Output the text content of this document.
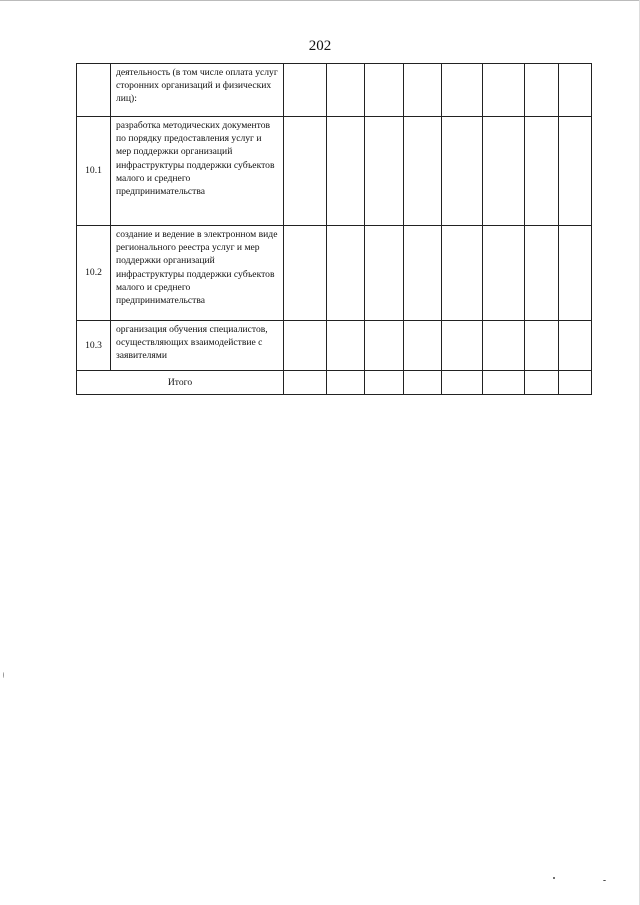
202
	деятельность (в том числе оплата услуг сторонних организаций и физических лиц):								
10.1	разработка методических документов по порядку предоставления услуг и мер поддержки организаций инфраструктуры поддержки субъектов малого и среднего предпринимательства								
10.2	создание и ведение в электронном виде регионального реестра услуг и мер поддержки организаций инфраструктуры поддержки субъектов малого и среднего предпринимательства								
10.3	организация обучения специалистов, осуществляющих взаимодействие с заявителями								
Итого									
